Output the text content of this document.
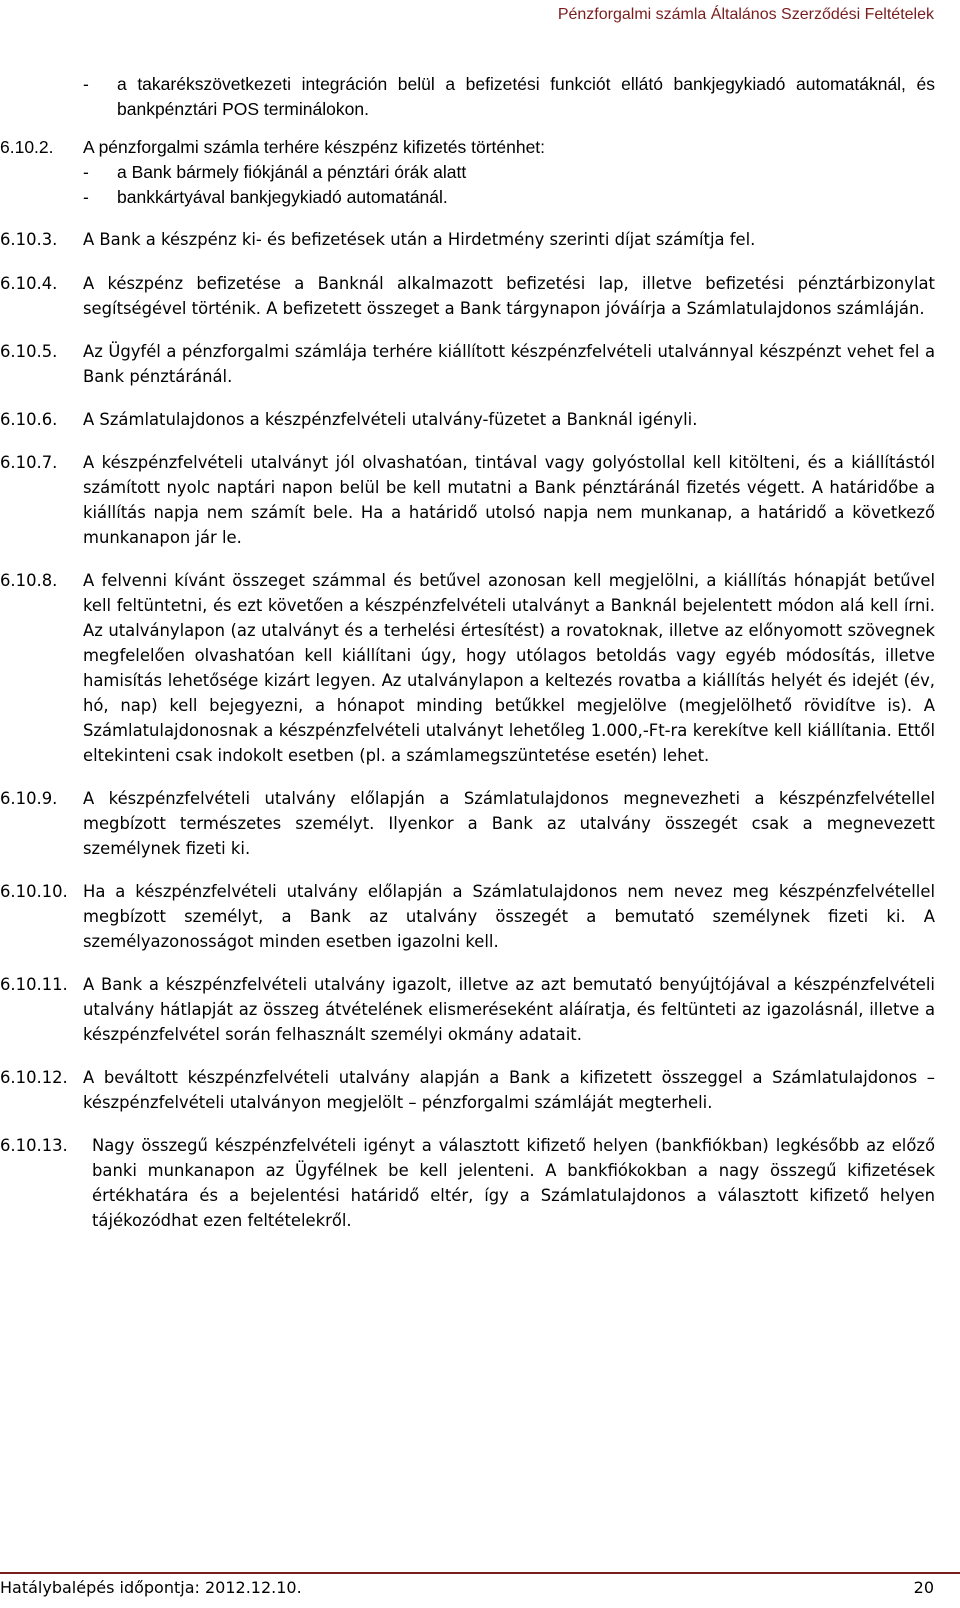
Pénzforgalmi számla Általános Szerződési Feltételek
- a takarékszövetkezeti integráción belül a befizetési funkciót ellátó bankjegykiadó automatáknál, és bankpénztári POS terminálokon.
6.10.2. A pénzforgalmi számla terhére készpénz kifizetés történhet:
- a Bank bármely fiókjánál a pénztári órák alatt
- bankkártyával bankjegykiadó automatánál.
6.10.3. A Bank a készpénz ki- és befizetések után a Hirdetmény szerinti díjat számítja fel.
6.10.4. A készpénz befizetése a Banknál alkalmazott befizetési lap, illetve befizetési pénztárbizonylat segítségével történik. A befizetett összeget a Bank tárgynapon jóváírja a Számlatulajdonos számláján.
6.10.5. Az Ügyfél a pénzforgalmi számlája terhére kiállított készpénzfelvételi utalvánnyal készpénzt vehet fel a Bank pénztáránál.
6.10.6. A Számlatulajdonos a készpénzfelvételi utalvány-füzetet a Banknál igényli.
6.10.7. A készpénzfelvételi utalványt jól olvashatóan, tintával vagy golyóstollal kell kitölteni, és a kiállítástól számított nyolc naptári napon belül be kell mutatni a Bank pénztáránál fizetés végett. A határidőbe a kiállítás napja nem számít bele. Ha a határidő utolsó napja nem munkanap, a határidő a következő munkanapon jár le.
6.10.8. A felvenni kívánt összeget számmal és betűvel azonosan kell megjelölni, a kiállítás hónapját betűvel kell feltüntetni, és ezt követően a készpénzfelvételi utalványt a Banknál bejelentett módon alá kell írni. Az utalványlapon (az utalványt és a terhelési értesítést) a rovatoknak, illetve az előnyomott szövegnek megfelelően olvashatóan kell kiállítani úgy, hogy utólagos betoldás vagy egyéb módosítás, illetve hamisítás lehetősége kizárt legyen. Az utalványlapon a keltezés rovatba a kiállítás helyét és idejét (év, hó, nap) kell bejegyezni, a hónapot minding betűkkel megjelölve (megjelölhető rövidítve is). A Számlatulajdonosnak a készpénzfelvételi utalványt lehetőleg 1.000,-Ft-ra kerekítve kell kiállítania. Ettől eltekinteni csak indokolt esetben (pl. a számlamegszüntetése esetén) lehet.
6.10.9. A készpénzfelvételi utalvány előlapján a Számlatulajdonos megnevezheti a készpénzfelvétellel megbízott természetes személyt. Ilyenkor a Bank az utalvány összegét csak a megnevezett személynek fizeti ki.
6.10.10. Ha a készpénzfelvételi utalvány előlapján a Számlatulajdonos nem nevez meg készpénzfelvétellel megbízott személyt, a Bank az utalvány összegét a bemutató személynek fizeti ki. A személyazonosságot minden esetben igazolni kell.
6.10.11. A Bank a készpénzfelvételi utalvány igazolt, illetve az azt bemutató benyújtójával a készpénzfelvételi utalvány hátlapját az összeg átvételének elismeréseként aláíratja, és feltünteti az igazolásnál, illetve a készpénzfelvétel során felhasznált személyi okmány adatait.
6.10.12. A beváltott készpénzfelvételi utalvány alapján a Bank a kifizetett összeggel a Számlatulajdonos – készpénzfelvételi utalványon megjelölt – pénzforgalmi számláját megterheli.
6.10.13. Nagy összegű készpénzfelvételi igényt a választott kifizető helyen (bankfiókban) legkésőbb az előző banki munkanapon az Ügyfélnek be kell jelenteni. A bankfiókokban a nagy összegű kifizetések értékhatára és a bejelentési határidő eltér, így a Számlatulajdonos a választott kifizető helyen tájékozódhat ezen feltételekről.
Hatálybalépés időpontja: 2012.12.10.	20
